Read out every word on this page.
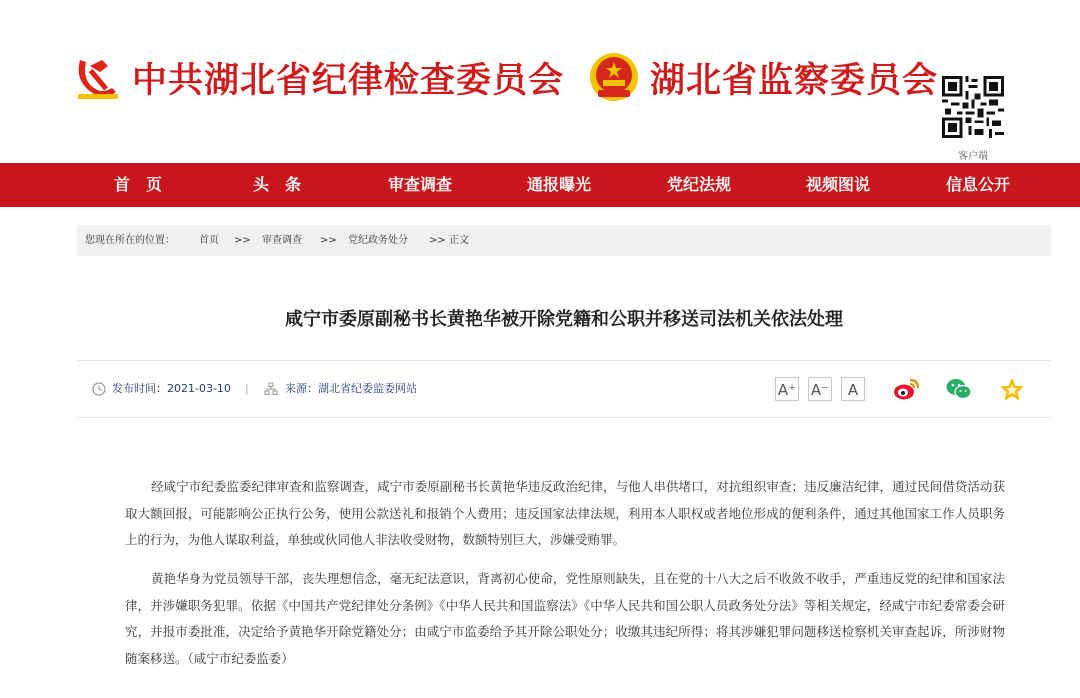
中共湖北省纪律检查委员会 湖北省监察委员会
客户端
首　页	头　条	审查调查	通报曝光	党纪法规	视频图说	信息公开
您现在所在的位置： 首页 >> 审查调查 >> 党纪政务处分 >> 正文
咸宁市委原副秘书长黄艳华被开除党籍和公职并移送司法机关依法处理
发布时间：2021-03-10 |	来源：湖北省纪委监委网站	A⁺ A⁻	A
经咸宁市纪委监委纪律审查和监察调查，咸宁市委原副秘书长黄艳华违反政治纪律，与他人串供堵口，对抗组织审查；违反廉洁纪律，通过民间借贷活动获取大额回报，可能影响公正执行公务，使用公款送礼和报销个人费用；违反国家法律法规，利用本人职权或者地位形成的便利条件，通过其他国家工作人员职务上的行为，为他人谋取利益，单独或伙同他人非法收受财物，数额特别巨大，涉嫌受贿罪。
黄艳华身为党员领导干部，丧失理想信念，毫无纪法意识，背离初心使命，党性原则缺失，且在党的十八大之后不收敛不收手，严重违反党的纪律和国家法律，并涉嫌职务犯罪。依据《中国共产党纪律处分条例》《中华人民共和国监察法》《中华人民共和国公职人员政务处分法》等相关规定，经咸宁市纪委常委会研究，并报市委批准，决定给予黄艳华开除党籍处分；由咸宁市监委给予其开除公职处分；收缴其违纪所得；将其涉嫌犯罪问题移送检察机关审查起诉，所涉财物随案移送。（咸宁市纪委监委）
